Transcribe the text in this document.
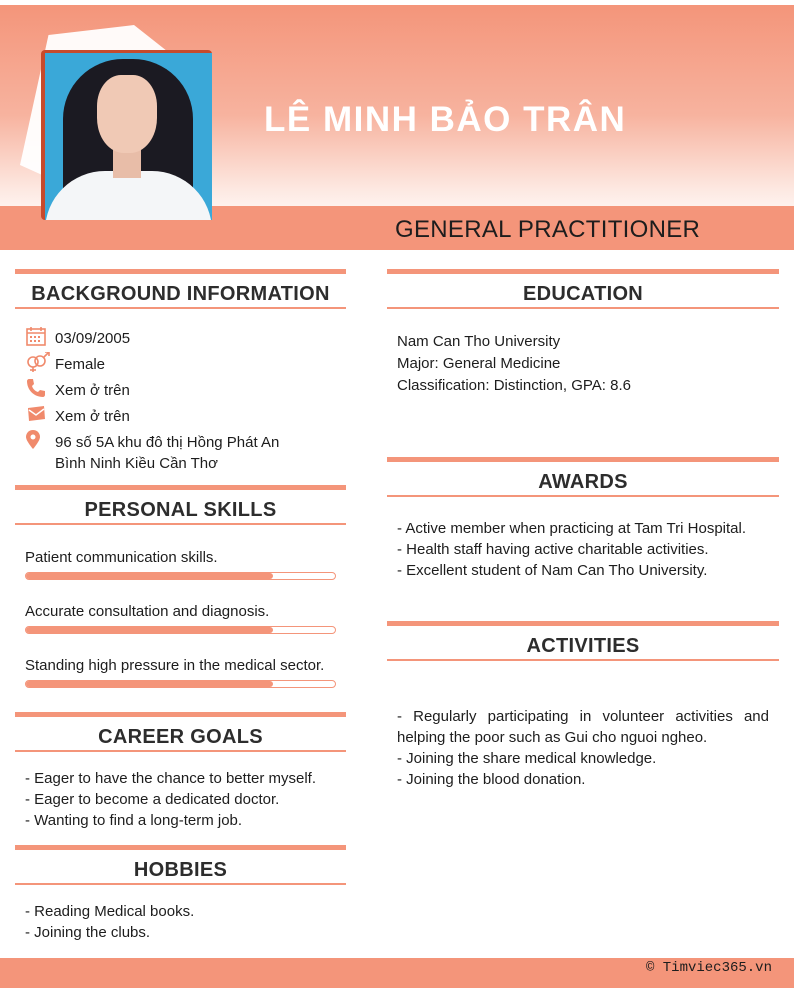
GENERAL PRACTITIONER
LÊ MINH BẢO TRÂN
BACKGROUND INFORMATION
03/09/2005
Female
Xem ở trên
Xem ở trên
96 số 5A khu đô thị Hồng Phát An
Bình Ninh Kiều Cần Thơ
PERSONAL SKILLS
Patient communication skills.
Accurate consultation and diagnosis.
Standing high pressure in the medical sector.
CAREER GOALS
- Eager to have the chance to better myself.
- Eager to become a dedicated doctor.
- Wanting to find a long-term job.
HOBBIES
- Reading Medical books.
- Joining the clubs.
EDUCATION
Nam Can Tho University
Major: General Medicine
Classification: Distinction, GPA: 8.6
AWARDS
- Active member when practicing at Tam Tri Hospital.
- Health staff having active charitable activities.
- Excellent student of Nam Can Tho University.
ACTIVITIES
- Regularly participating in volunteer activities and helping the poor such as Gui cho nguoi ngheo.
- Joining the share medical knowledge.
- Joining the blood donation.
© Timviec365.vn
